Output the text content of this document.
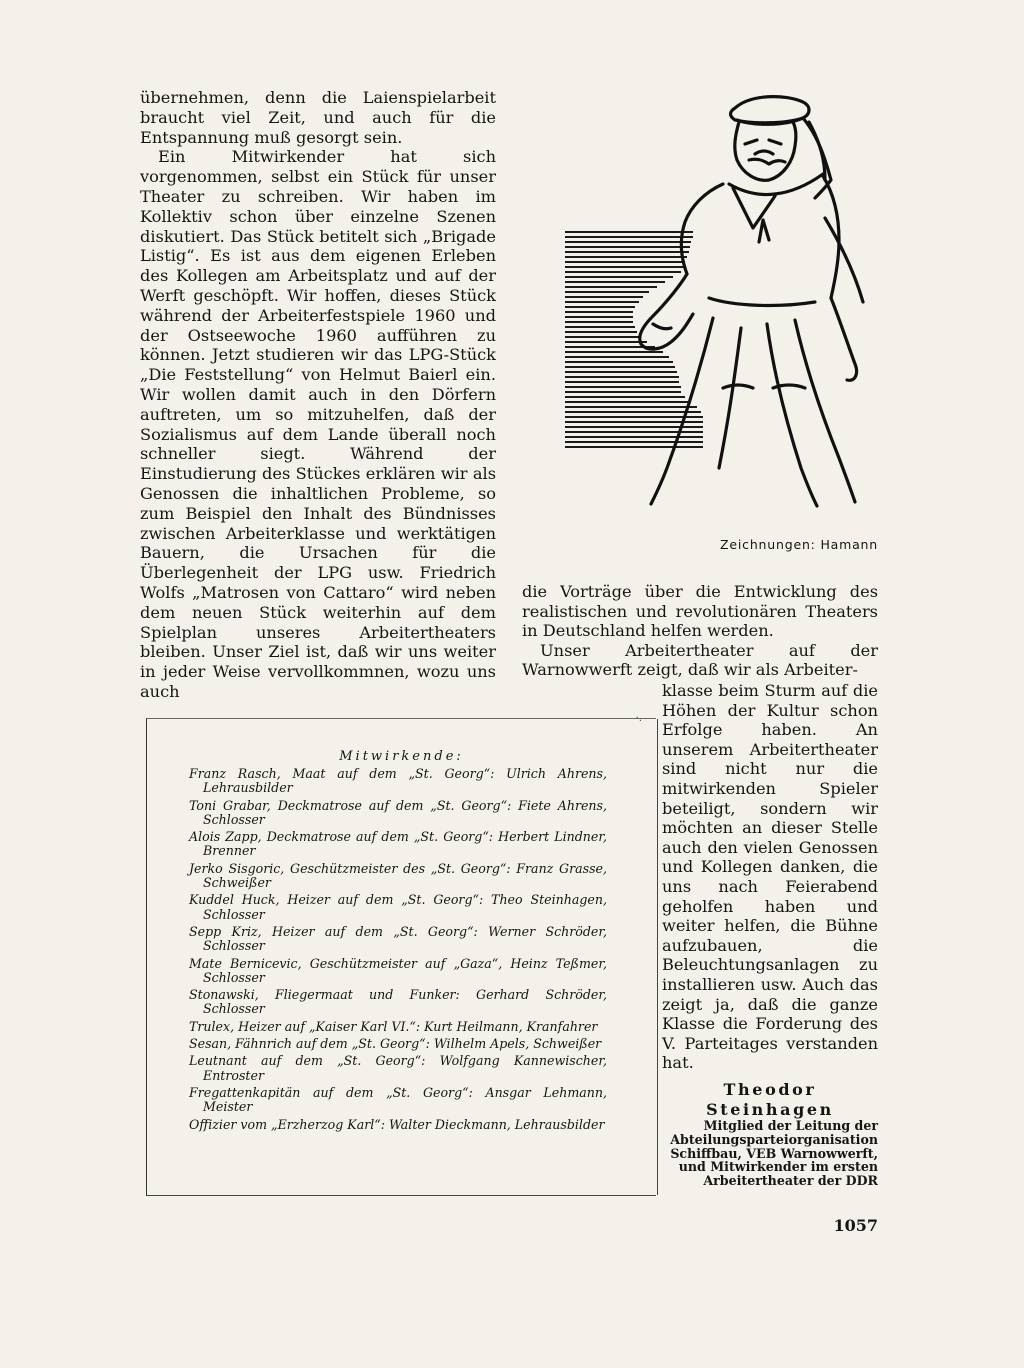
übernehmen, denn die Laienspielarbeit braucht viel Zeit, und auch für die Entspannung muß gesorgt sein.

Ein Mitwirkender hat sich vorgenommen, selbst ein Stück für unser Theater zu schreiben. Wir haben im Kollektiv schon über einzelne Szenen diskutiert. Das Stück betitelt sich „Brigade Listig“. Es ist aus dem eigenen Erleben des Kollegen am Arbeitsplatz und auf der Werft geschöpft. Wir hoffen, dieses Stück während der Arbeiterfestspiele 1960 und der Ostseewoche 1960 aufführen zu können. Jetzt studieren wir das LPG-Stück „Die Feststellung“ von Helmut Baierl ein. Wir wollen damit auch in den Dörfern auftreten, um so mitzuhelfen, daß der Sozialismus auf dem Lande überall noch schneller siegt. Während der Einstudierung des Stückes erklären wir als Genossen die inhaltlichen Probleme, so zum Beispiel den Inhalt des Bündnisses zwischen Arbeiterklasse und werktätigen Bauern, die Ursachen für die Überlegenheit der LPG usw. Friedrich Wolfs „Matrosen von Cattaro“ wird neben dem neuen Stück weiterhin auf dem Spielplan unseres Arbeitertheaters bleiben. Unser Ziel ist, daß wir uns weiter in jeder Weise vervollkommnen, wozu uns auch

Zeichnungen: Hamann

die Vorträge über die Entwicklung des realistischen und revolutionären Theaters in Deutschland helfen werden.

Unser Arbeitertheater auf der Warnowwerft zeigt, daß wir als Arbeiter-

klasse beim Sturm auf die Höhen der Kultur schon Erfolge haben. An unserem Arbeitertheater sind nicht nur die mitwirkenden Spieler beteiligt, sondern wir möchten an dieser Stelle auch den vielen Genossen und Kollegen danken, die uns nach Feierabend geholfen haben und weiter helfen, die Bühne aufzubauen, die Beleuchtungsanlagen zu installieren usw. Auch das zeigt ja, daß die ganze Klasse die Forderung des V. Parteitages verstanden hat.

Theodor
Steinhagen
Mitglied der Leitung der Abteilungsparteiorganisation Schiffbau, VEB Warnowwerft, und Mitwirkender im ersten Arbeitertheater der DDR
·.
Mitwirkende:
Franz Rasch, Maat auf dem „St. Georg“: Ulrich Ahrens, Lehrausbilder
Toni Grabar, Deckmatrose auf dem „St. Georg“: Fiete Ahrens, Schlosser
Alois Zapp, Deckmatrose auf dem „St. Georg“: Herbert Lindner, Brenner
Jerko Sisgoric, Geschützmeister des „St. Georg“: Franz Grasse, Schweißer
Kuddel Huck, Heizer auf dem „St. Georg“: Theo Steinhagen, Schlosser
Sepp Kriz, Heizer auf dem „St. Georg“: Werner Schröder, Schlosser
Mate Bernicevic, Geschützmeister auf „Gaza“, Heinz Teßmer, Schlosser
Stonawski, Fliegermaat und Funker: Gerhard Schröder, Schlosser
Trulex, Heizer auf „Kaiser Karl VI.“: Kurt Heilmann, Kranfahrer
Sesan, Fähnrich auf dem „St. Georg“: Wilhelm Apels, Schweißer
Leutnant auf dem „St. Georg“: Wolfgang Kannewischer, Entroster
Fregattenkapitän auf dem „St. Georg“: Ansgar Lehmann, Meister
Offizier vom „Erzherzog Karl“: Walter Dieckmann, Lehrausbilder
1057
